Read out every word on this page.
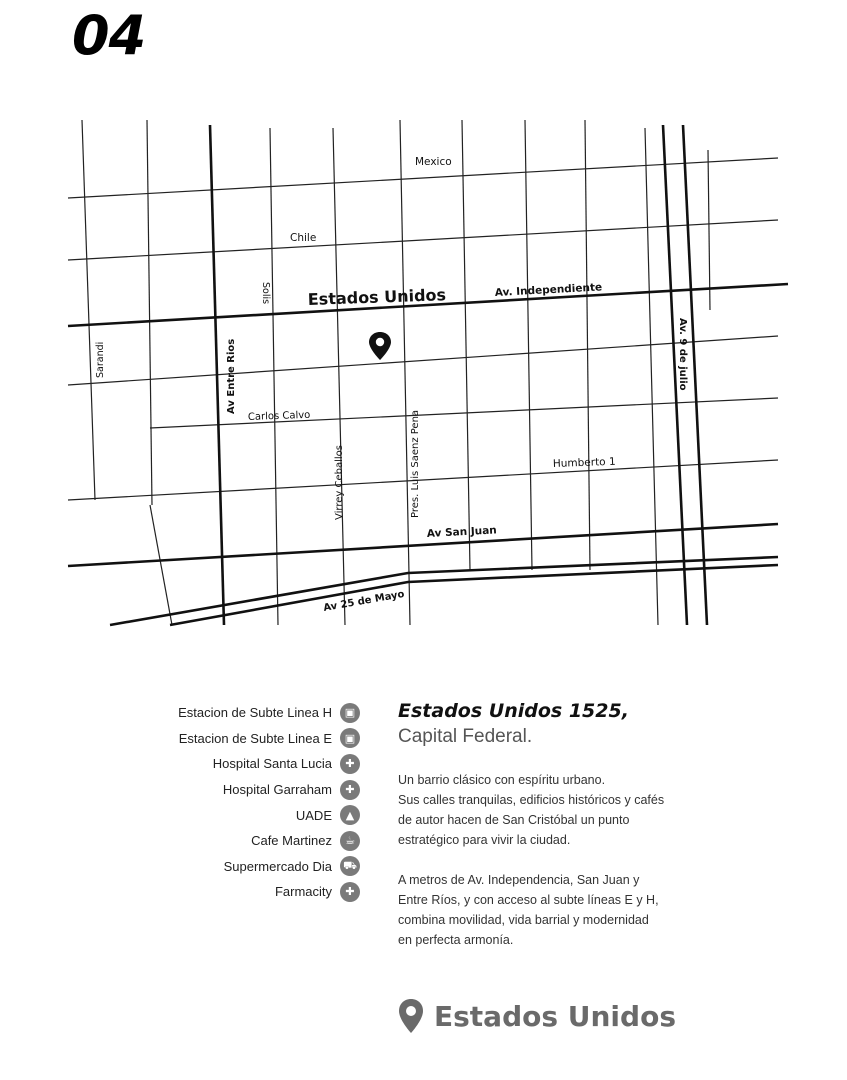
04
Mexico
Chile
Estados Unidos	Av. Independiente
Solis
Sarandi	Av Entre Rios
Carlos Calvo
Virrey Ceballos	Pres. Luis Saenz Pena	Humberto 1
Av San Juan
Av 25 de Mayo
Av. 9 de julio
Estacion de Subte Linea H	▣
Estacion de Subte Linea E	▣
Hospital Santa Lucia	✚
Hospital Garraham	✚
UADE	▲
Cafe Martinez	☕
Supermercado Dia ⛟
Farmacity	✚

Estados Unidos 1525,

Capital Federal.

Un barrio clásico con espíritu urbano.
Sus calles tranquilas, edificios históricos y cafés
de autor hacen de San Cristóbal un punto
estratégico para vivir la ciudad.

A metros de Av. Independencia, San Juan y
Entre Ríos, y con acceso al subte líneas E y H,
combina movilidad, vida barrial y modernidad
en perfecta armonía.

Estados Unidos
